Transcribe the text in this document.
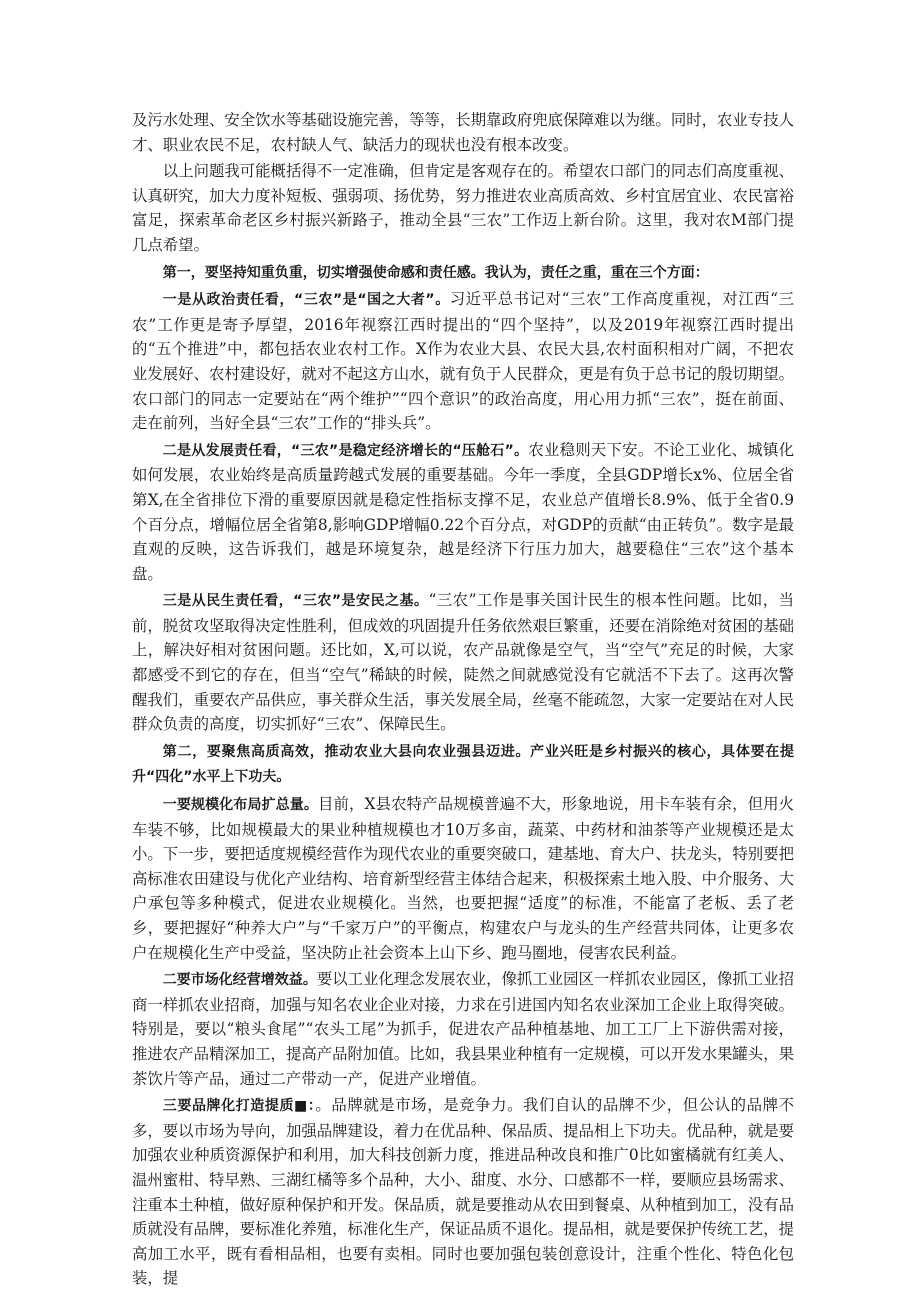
及污水处理、安全饮水等基础设施完善，等等，长期靠政府兜底保障难以为继。同时，农业专技人才、职业农民不足，农村缺人气、缺活力的现状也没有根本改变。

以上问题我可能概括得不一定准确，但肯定是客观存在的。希望农口部门的同志们高度重视、认真研究，加大力度补短板、强弱项、扬优势，努力推进农业高质高效、乡村宜居宜业、农民富裕富足，探索革命老区乡村振兴新路子，推动全县“三农”工作迈上新台阶。这里，我对农M部门提几点希望。

第一，要坚持知重负重，切实增强使命感和责任感。我认为，责任之重，重在三个方面：

一是从政治责任看，“三农”是“国之大者”。习近平总书记对“三农”工作高度重视，对江西“三农”工作更是寄予厚望，2016年视察江西时提出的“四个坚持”，以及2019年视察江西时提出的“五个推进”中，都包括农业农村工作。X作为农业大县、农民大县,农村面积相对广阔，不把农业发展好、农村建设好，就对不起这方山水，就有负于人民群众，更是有负于总书记的殷切期望。农口部门的同志一定要站在“两个维护”“四个意识”的政治高度，用心用力抓“三农”，挺在前面、走在前列，当好全县“三农”工作的“排头兵”。

二是从发展责任看，“三农”是稳定经济增长的“压舱石”。农业稳则天下安。不论工业化、城镇化如何发展，农业始终是高质量跨越式发展的重要基础。今年一季度，全县GDP增长x%、位居全省第X,在全省排位下滑的重要原因就是稳定性指标支撑不足，农业总产值增长8.9%、低于全省0.9个百分点，增幅位居全省第8,影响GDP增幅0.22个百分点，对GDP的贡献“由正转负”。数字是最直观的反映，这告诉我们，越是环境复杂，越是经济下行压力加大，越要稳住“三农”这个基本盘。

三是从民生责任看，“三农”是安民之基。“三农”工作是事关国计民生的根本性问题。比如，当前，脱贫攻坚取得决定性胜利，但成效的巩固提升任务依然艰巨繁重，还要在消除绝对贫困的基础上，解决好相对贫困问题。还比如，X,可以说，农产品就像是空气，当“空气”充足的时候，大家都感受不到它的存在，但当“空气”稀缺的时候，陡然之间就感觉没有它就活不下去了。这再次警醒我们，重要农产品供应，事关群众生活，事关发展全局，丝毫不能疏忽，大家一定要站在对人民群众负责的高度，切实抓好“三农”、保障民生。

第二，要聚焦高质高效，推动农业大县向农业强县迈进。产业兴旺是乡村振兴的核心，具体要在提升“四化”水平上下功夫。

一要规模化布局扩总量。目前，X县农特产品规模普遍不大，形象地说，用卡车装有余，但用火车装不够，比如规模最大的果业种植规模也才10万多亩，蔬菜、中药材和油茶等产业规模还是太小。下一步，要把适度规模经营作为现代农业的重要突破口，建基地、育大户、扶龙头，特别要把高标准农田建设与优化产业结构、培育新型经营主体结合起来，积极探索土地入股、中介服务、大户承包等多种模式，促进农业规模化。当然，也要把握“适度”的标准，不能富了老板、丢了老乡，要把握好“种养大户”与“千家万户”的平衡点，构建农户与龙头的生产经营共同体，让更多农户在规模化生产中受益，坚决防止社会资本上山下乡、跑马圈地，侵害农民利益。

二要市场化经营增效益。要以工业化理念发展农业，像抓工业园区一样抓农业园区，像抓工业招商一样抓农业招商，加强与知名农业企业对接，力求在引进国内知名农业深加工企业上取得突破。特别是，要以“粮头食尾”“农头工尾”为抓手，促进农产品种植基地、加工工厂上下游供需对接，推进农产品精深加工，提高产品附加值。比如，我县果业种植有一定规模，可以开发水果罐头，果茶饮片等产品，通过二产带动一产，促进产业增值。

三要品牌化打造提质■：。品牌就是市场，是竞争力。我们自认的品牌不少，但公认的品牌不多，要以市场为导向，加强品牌建设，着力在优品种、保品质、提品相上下功夫。优品种，就是要加强农业种质资源保护和利用，加大科技创新力度，推进品种改良和推广0比如蜜橘就有红美人、温州蜜柑、特早熟、三湖红橘等多个品种，大小、甜度、水分、口感都不一样，要顺应县场需求、注重本土种植，做好原种保护和开发。保品质，就是要推动从农田到餐桌、从种植到加工，没有品质就没有品牌，要标准化养殖，标准化生产，保证品质不退化。提品相，就是要保护传统工艺，提高加工水平，既有看相品相，也要有卖相。同时也要加强包装创意设计，注重个性化、特色化包装，提
